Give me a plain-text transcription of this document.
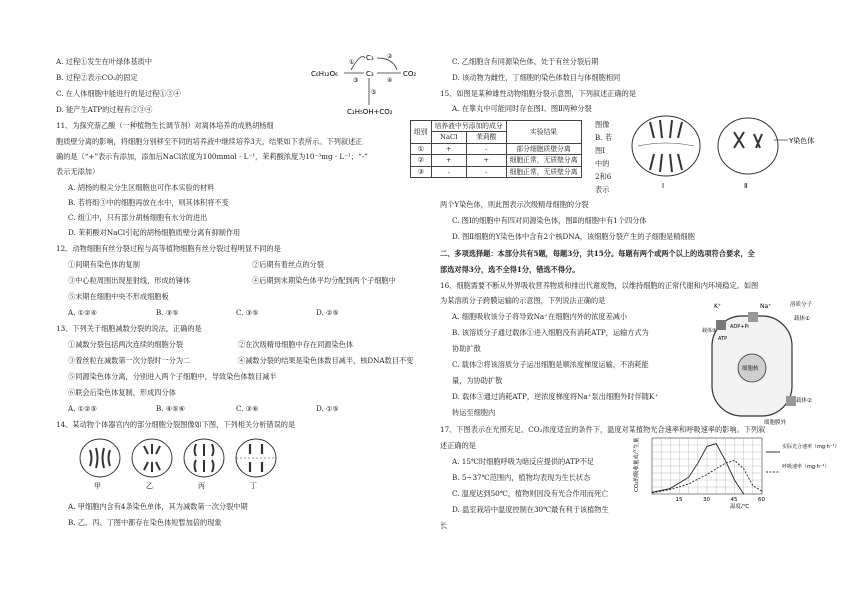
A. 过程①发生在叶绿体基质中
B. 过程②表示CO₂的固定
C. 在人体细胞中能进行的是过程①③④
D. 能产生ATP的过程有②③④
11、为探究萘乙酸（一种植物生长调节剂）对离体培养的成熟胡杨细
胞质壁分离的影响，将细胞分别移至不同的培养液中继续培养3天，结果如下表所示。下列叙述正
确的是（“+”表示有添加，添加后NaCl浓度为100mmol · L⁻¹，茉莉酸浓度为10⁻³mg · L⁻¹；“-”
表示无添加）
A. 胡杨的根尖分生区细胞也可作本实验的材料
B. 若将组③中的细胞再放在水中，则其体积将不变
C. 组①中，只有部分胡杨细胞有水分的进出
D. 茉莉酸对NaCl引起的胡杨细胞质壁分离有抑制作用
12、动物细胞有丝分裂过程与高等植物细胞有丝分裂过程明显不同的是
①间期有染色体的复制	②后期有着丝点的分裂
③中心粒周围出现星射线，形成纺锤体	④后期到末期染色体平均分配到两个子细胞中
⑤末期在细胞中央不形成细胞板
A. ①②④	B. ③⑤	C. ③⑤	D. ②⑤
13、下列关于细胞减数分裂的说法，正确的是
①减数分裂包括两次连续的细胞分裂	②在次级精母细胞中存在同源染色体
③着丝粒在减数第一次分裂时一分为二	④减数分裂的结果是染色体数目减半，核DNA数目不变
⑤同源染色体分离，分别进入两个子细胞中，导致染色体数目减半
⑥联会后染色体复制，形成四分体
A. ①②⑤	B. ④⑤⑥	C. ③⑥	D. ①⑤
14、某动物个体器官内的部分细胞分裂图像如下图，下列相关分析错误的是
甲	乙	丙	丁
A. 甲细胞内含有4条染色单体，其为减数第一次分裂中期
B. 乙、丙、丁图中都存在染色体短暂加倍的现象
C₆H₁₂O₆
C₃
C₃	CO₂
C₂H₅OH+CO₂
①
②
③	④
⑤
组别	培养液中另添加的成分		实验结果
	NaCl	茉莉酸	
①	+	-	部分细胞质壁分离
②	+	+	细胞正常，无质壁分离
③	-	-	细胞正常，无质壁分离
C. 乙细胞含有同源染色体，处于有丝分裂后期
D. 该动物为雌性，丁细胞的染色体数目与体细胞相同
15、如图是某种雄性动物细胞分裂示意图，下列叙述正确的是
A. 在睾丸中可能同时存在图Ⅰ、图Ⅱ两种分裂
图像
B. 若
图Ⅰ
中的
2和6
表示	Ⅰ
Y染色体
Ⅱ
两个Y染色体，则此图表示次级精母细胞的分裂
C. 图Ⅰ的细胞中有四对同源染色体，图Ⅱ的细胞中有1个四分体
D. 图Ⅱ细胞的Y染色体中含有2个核DNA，该细胞分裂产生的子细胞是精细胞
二、多项选择题：本部分共有5题，每题3分，共15分。每题有两个或两个以上的选项符合要求，全
部选对得3分，选不全得1分，错选不得分。
16、细胞需要不断从外界吸收营养物质和排出代谢废物，以维持细胞的正常代谢和内环境稳定。如图
为某溶质分子跨膜运输的示意图，下列说法正确的是
A. 细胞吸收该分子将导致Na⁺在细胞内外的浓度差减小
B. 该溶质分子通过载体①进入细胞没有消耗ATP，运输方式为
协助扩散
C. 载体②将该溶质分子运出细胞是顺浓度梯度运输，不消耗能
量，为协助扩散
D. 载体③通过消耗ATP，逆浓度梯度将Na⁺泵出细胞外时伴随K⁺
转运至细胞内
细胞核
K⁺	Na⁺	溶质分子
载体①
载体③
ADP+Pi
ATP
载体②
细胞膜外
17、下图表示在光照充足、CO₂浓度适宜的条件下，温度对某植物光合速率和呼吸速率的影响。下列叙
述正确的是
A. 15℃时细胞呼吸为暗反应提供的ATP不足
B. 5~37℃范围内，植物均表现为生长状态
C. 温度达到50℃，植物则因没有光合作用而死亡
D. 温室栽培中温度控制在30℃最有利于该植物生
长
CO₂的吸收量或产生量
15	30	45	60
温度/℃
实际光合速率（mg·h⁻¹）
呼吸速率（mg·h⁻¹）
